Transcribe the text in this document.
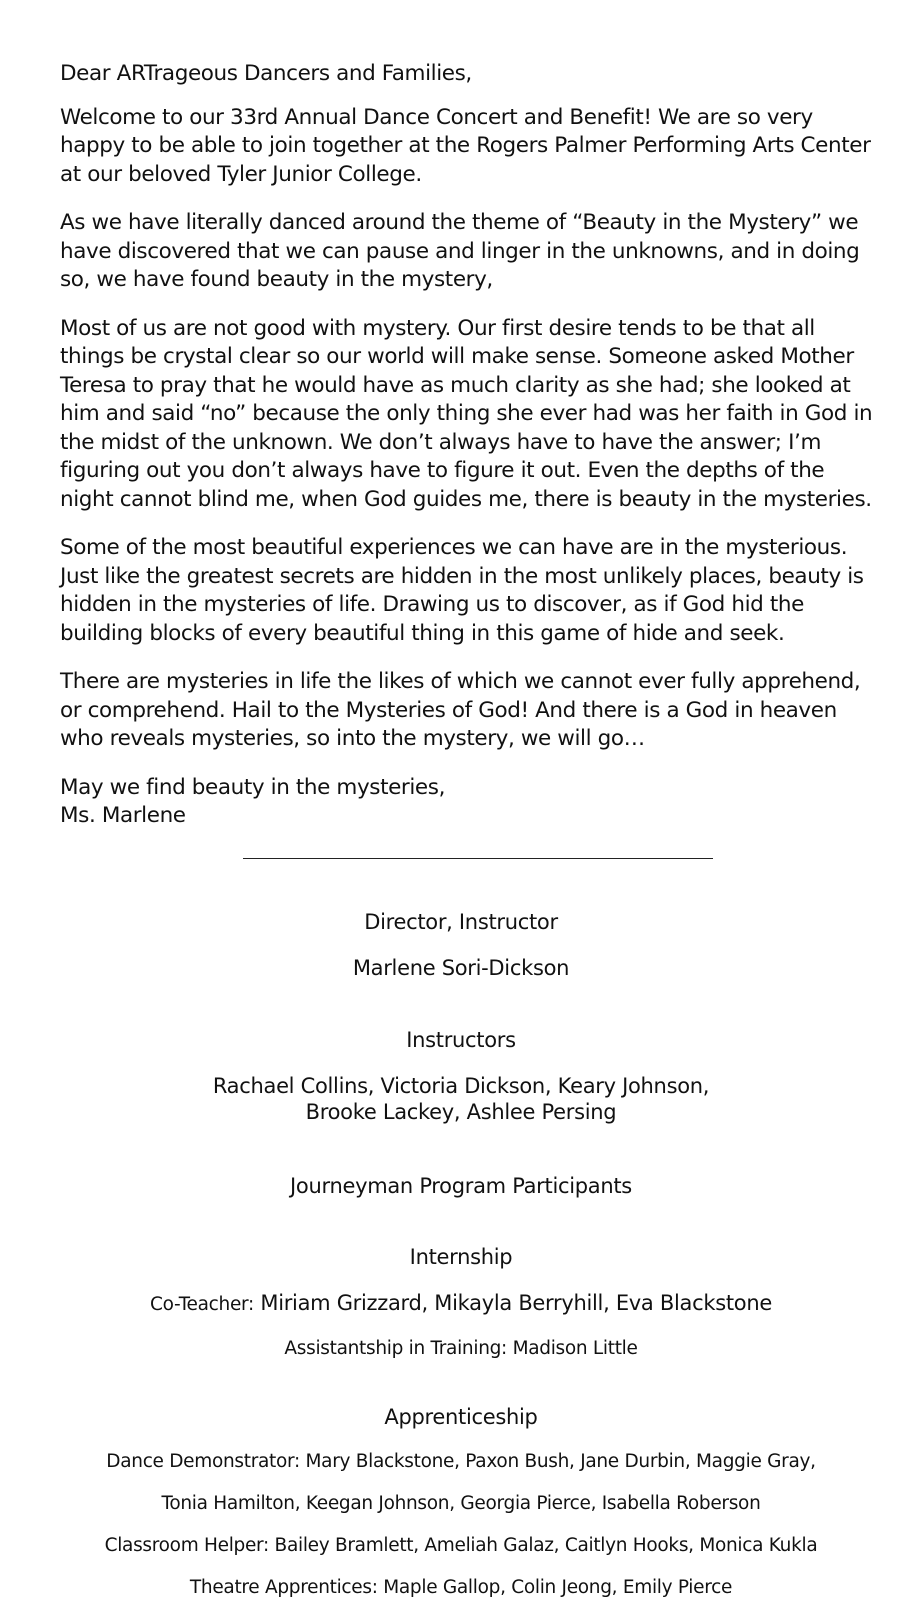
Dear ARTrageous Dancers and Families,

Welcome to our 33rd Annual Dance Concert and Benefit! We are so very
happy to be able to join together at the Rogers Palmer Performing Arts Center
at our beloved Tyler Junior College.

As we have literally danced around the theme of “Beauty in the Mystery” we
have discovered that we can pause and linger in the unknowns, and in doing
so, we have found beauty in the mystery,

Most of us are not good with mystery. Our first desire tends to be that all
things be crystal clear so our world will make sense. Someone asked Mother
Teresa to pray that he would have as much clarity as she had; she looked at
him and said “no” because the only thing she ever had was her faith in God in
the midst of the unknown. We don’t always have to have the answer; I’m
figuring out you don’t always have to figure it out. Even the depths of the
night cannot blind me, when God guides me, there is beauty in the mysteries.

Some of the most beautiful experiences we can have are in the mysterious.
Just like the greatest secrets are hidden in the most unlikely places, beauty is
hidden in the mysteries of life. Drawing us to discover, as if God hid the
building blocks of every beautiful thing in this game of hide and seek.

There are mysteries in life the likes of which we cannot ever fully apprehend,
or comprehend. Hail to the Mysteries of God! And there is a God in heaven
who reveals mysteries, so into the mystery, we will go…

May we find beauty in the mysteries,

Ms. Marlene

Director, Instructor

Marlene Sori-Dickson

Instructors

Rachael Collins, Victoria Dickson, Keary Johnson,
Brooke Lackey, Ashlee Persing

Journeyman Program Participants

Internship

Co-Teacher: Miriam Grizzard, Mikayla Berryhill, Eva Blackstone

Assistantship in Training: Madison Little

Apprenticeship

Dance Demonstrator: Mary Blackstone, Paxon Bush, Jane Durbin, Maggie Gray,

Tonia Hamilton, Keegan Johnson, Georgia Pierce, Isabella Roberson

Classroom Helper: Bailey Bramlett, Ameliah Galaz, Caitlyn Hooks, Monica Kukla

Theatre Apprentices: Maple Gallop, Colin Jeong, Emily Pierce
